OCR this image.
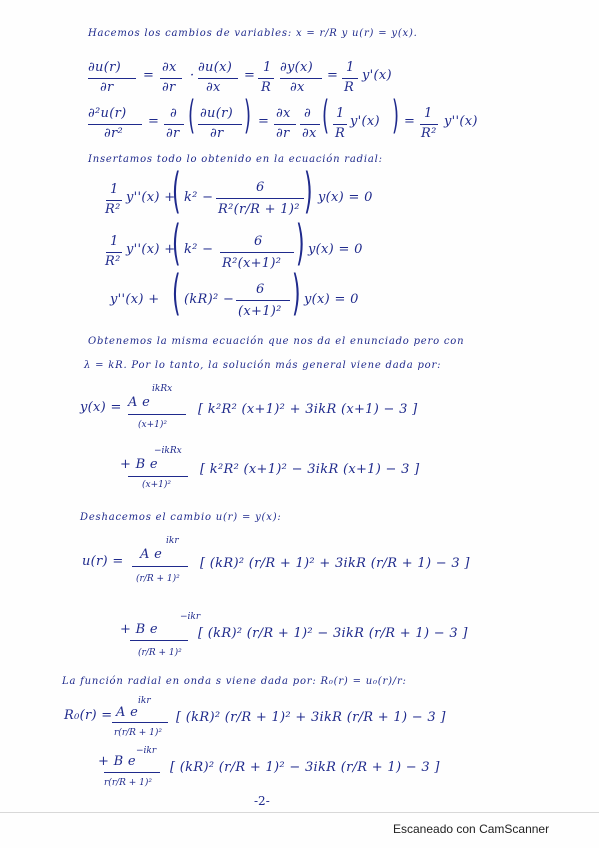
Hacemos los cambios de variables: x = r/R y u(r) = y(x).
∂u(r)
∂r
=
∂x
∂r
·
∂u(x)
∂x
=
1
R
∂y(x)
∂x
=
1
R
y'(x)
∂²u(r)
∂r²
=
∂
∂r ( ∂u(r)
∂r ) =
∂x
∂r
∂
∂x ( 1
R
y'(x) ) =
1
R²
y''(x)
Insertamos todo lo obtenido en la ecuación radial:
1
R²
y''(x) +
( k² −
6
R²(r/R + 1)² ) y(x) = 0
1
R²
y''(x) +
( k² −
6
R²(x+1)² ) y(x) = 0
y''(x) + ( (kR)² −
6
(x+1)² ) y(x) = 0
Obtenemos la misma ecuación que nos da el enunciado pero con
λ = kR. Por lo tanto, la solución más general viene dada por:
y(x) =
ikRx
A e
(x+1)²
[ k²R² (x+1)² + 3ikR (x+1) − 3 ]
−ikRx
+ B e
(x+1)²
[ k²R² (x+1)² − 3ikR (x+1) − 3 ]
Deshacemos el cambio u(r) = y(x):
u(r) =
ikr
A e
(r/R + 1)²
[ (kR)² (r/R + 1)² + 3ikR (r/R + 1) − 3 ]
−ikr
+ B e
(r/R + 1)²
[ (kR)² (r/R + 1)² − 3ikR (r/R + 1) − 3 ]
La función radial en onda s viene dada por: R₀(r) = u₀(r)/r:
R₀(r) =
ikr
A e
r(r/R + 1)²
[ (kR)² (r/R + 1)² + 3ikR (r/R + 1) − 3 ]
−ikr
+ B e
r(r/R + 1)²
[ (kR)² (r/R + 1)² − 3ikR (r/R + 1) − 3 ]
-2-
Escaneado con CamScanner
